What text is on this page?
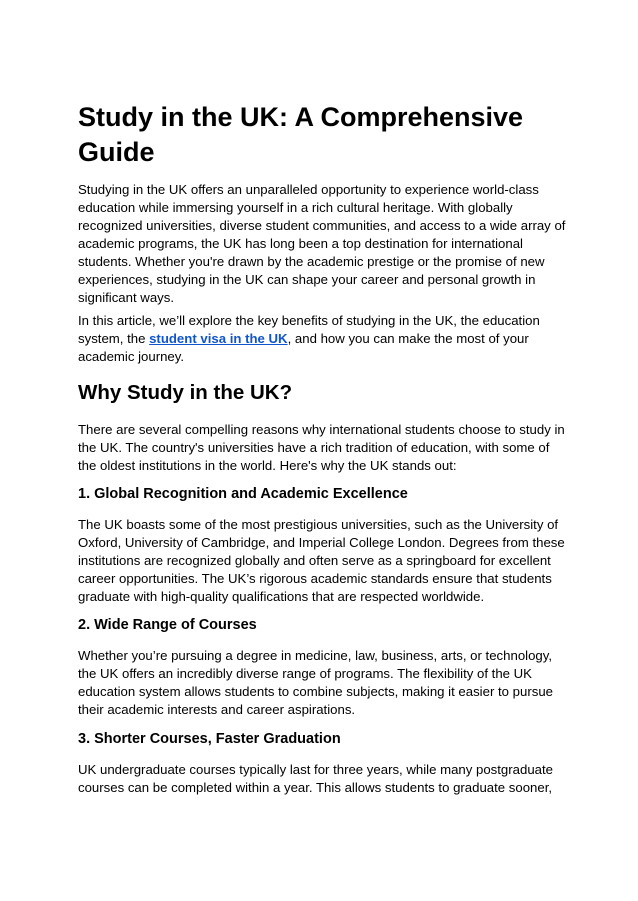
Study in the UK: A Comprehensive Guide

Studying in the UK offers an unparalleled opportunity to experience world-class education while immersing yourself in a rich cultural heritage. With globally recognized universities, diverse student communities, and access to a wide array of academic programs, the UK has long been a top destination for international students. Whether you're drawn by the academic prestige or the promise of new experiences, studying in the UK can shape your career and personal growth in significant ways.

In this article, we’ll explore the key benefits of studying in the UK, the education system, the student visa in the UK, and how you can make the most of your academic journey.

Why Study in the UK?

There are several compelling reasons why international students choose to study in the UK. The country's universities have a rich tradition of education, with some of the oldest institutions in the world. Here's why the UK stands out:

1. Global Recognition and Academic Excellence

The UK boasts some of the most prestigious universities, such as the University of Oxford, University of Cambridge, and Imperial College London. Degrees from these institutions are recognized globally and often serve as a springboard for excellent career opportunities. The UK’s rigorous academic standards ensure that students graduate with high-quality qualifications that are respected worldwide.

2. Wide Range of Courses

Whether you’re pursuing a degree in medicine, law, business, arts, or technology, the UK offers an incredibly diverse range of programs. The flexibility of the UK education system allows students to combine subjects, making it easier to pursue their academic interests and career aspirations.

3. Shorter Courses, Faster Graduation

UK undergraduate courses typically last for three years, while many postgraduate courses can be completed within a year. This allows students to graduate sooner,
